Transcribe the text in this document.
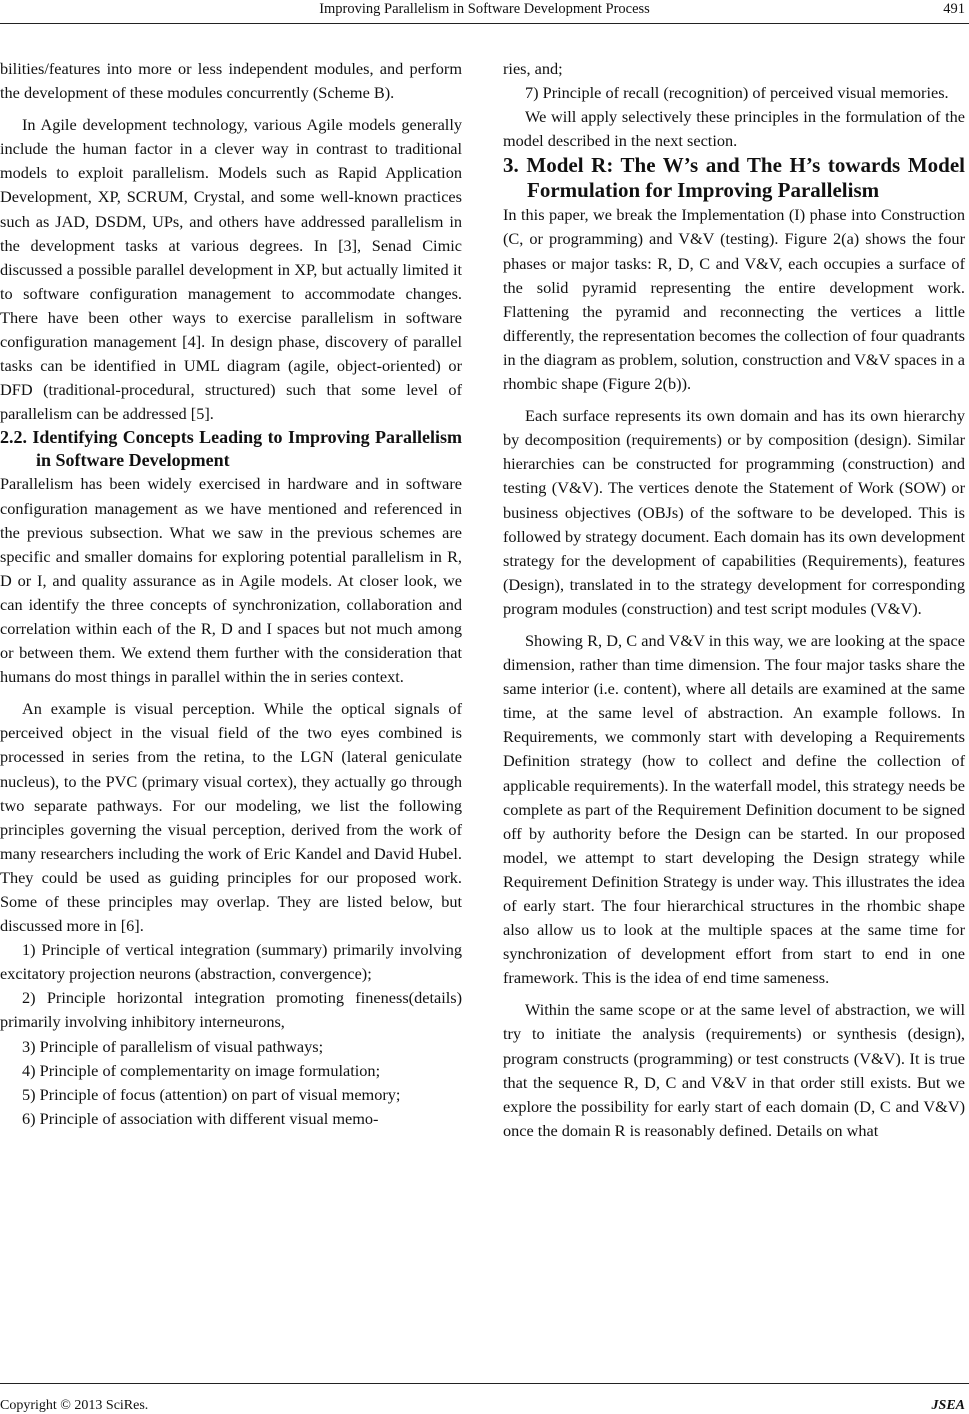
Improving Parallelism in Software Development Process	491

bilities/features into more or less independent modules, and perform the development of these modules concurrently (Scheme B).

In Agile development technology, various Agile models generally include the human factor in a clever way in contrast to traditional models to exploit parallelism. Models such as Rapid Application Development, XP, SCRUM, Crystal, and some well-known practices such as JAD, DSDM, UPs, and others have addressed parallelism in the development tasks at various degrees. In [3], Senad Cimic discussed a possible parallel development in XP, but actually limited it to software configuration management to accommodate changes. There have been other ways to exercise parallelism in software configuration management [4]. In design phase, discovery of parallel tasks can be identified in UML diagram (agile, object-oriented) or DFD (traditional-procedural, structured) such that some level of parallelism can be addressed [5].

2.2. Identifying Concepts Leading to Improving Parallelism in Software Development

Parallelism has been widely exercised in hardware and in software configuration management as we have mentioned and referenced in the previous subsection. What we saw in the previous schemes are specific and smaller domains for exploring potential parallelism in R, D or I, and quality assurance as in Agile models. At closer look, we can identify the three concepts of synchronization, collaboration and correlation within each of the R, D and I spaces but not much among or between them. We extend them further with the consideration that humans do most things in parallel within the in series context.

An example is visual perception. While the optical signals of perceived object in the visual field of the two eyes combined is processed in series from the retina, to the LGN (lateral geniculate nucleus), to the PVC (primary visual cortex), they actually go through two separate pathways. For our modeling, we list the following principles governing the visual perception, derived from the work of many researchers including the work of Eric Kandel and David Hubel. They could be used as guiding principles for our proposed work. Some of these principles may overlap. They are listed below, but discussed more in [6].

1) Principle of vertical integration (summary) primarily involving excitatory projection neurons (abstraction, convergence);

2) Principle horizontal integration promoting fineness(details) primarily involving inhibitory interneurons,

3) Principle of parallelism of visual pathways;

4) Principle of complementarity on image formulation;

5) Principle of focus (attention) on part of visual memory;

6) Principle of association with different visual memo-

ries, and;

7) Principle of recall (recognition) of perceived visual memories.

We will apply selectively these principles in the formulation of the model described in the next section.

3. Model R: The W’s and The H’s towards Model Formulation for Improving Parallelism

In this paper, we break the Implementation (I) phase into Construction (C, or programming) and V&V (testing). Figure 2(a) shows the four phases or major tasks: R, D, C and V&V, each occupies a surface of the solid pyramid representing the entire development work. Flattening the pyramid and reconnecting the vertices a little differently, the representation becomes the collection of four quadrants in the diagram as problem, solution, construction and V&V spaces in a rhombic shape (Figure 2(b)).

Each surface represents its own domain and has its own hierarchy by decomposition (requirements) or by composition (design). Similar hierarchies can be constructed for programming (construction) and testing (V&V). The vertices denote the Statement of Work (SOW) or business objectives (OBJs) of the software to be developed. This is followed by strategy document. Each domain has its own development strategy for the development of capabilities (Requirements), features (Design), translated in to the strategy development for corresponding program modules (construction) and test script modules (V&V).

Showing R, D, C and V&V in this way, we are looking at the space dimension, rather than time dimension. The four major tasks share the same interior (i.e. content), where all details are examined at the same time, at the same level of abstraction. An example follows. In Requirements, we commonly start with developing a Requirements Definition strategy (how to collect and define the collection of applicable requirements). In the waterfall model, this strategy needs be complete as part of the Requirement Definition document to be signed off by authority before the Design can be started. In our proposed model, we attempt to start developing the Design strategy while Requirement Definition Strategy is under way. This illustrates the idea of early start. The four hierarchical structures in the rhombic shape also allow us to look at the multiple spaces at the same time for synchronization of development effort from start to end in one framework. This is the idea of end time sameness.

Within the same scope or at the same level of abstraction, we will try to initiate the analysis (requirements) or synthesis (design), program constructs (programming) or test constructs (V&V). It is true that the sequence R, D, C and V&V in that order still exists. But we explore the possibility for early start of each domain (D, C and V&V) once the domain R is reasonably defined. Details on what

Copyright © 2013 SciRes.	JSEA
